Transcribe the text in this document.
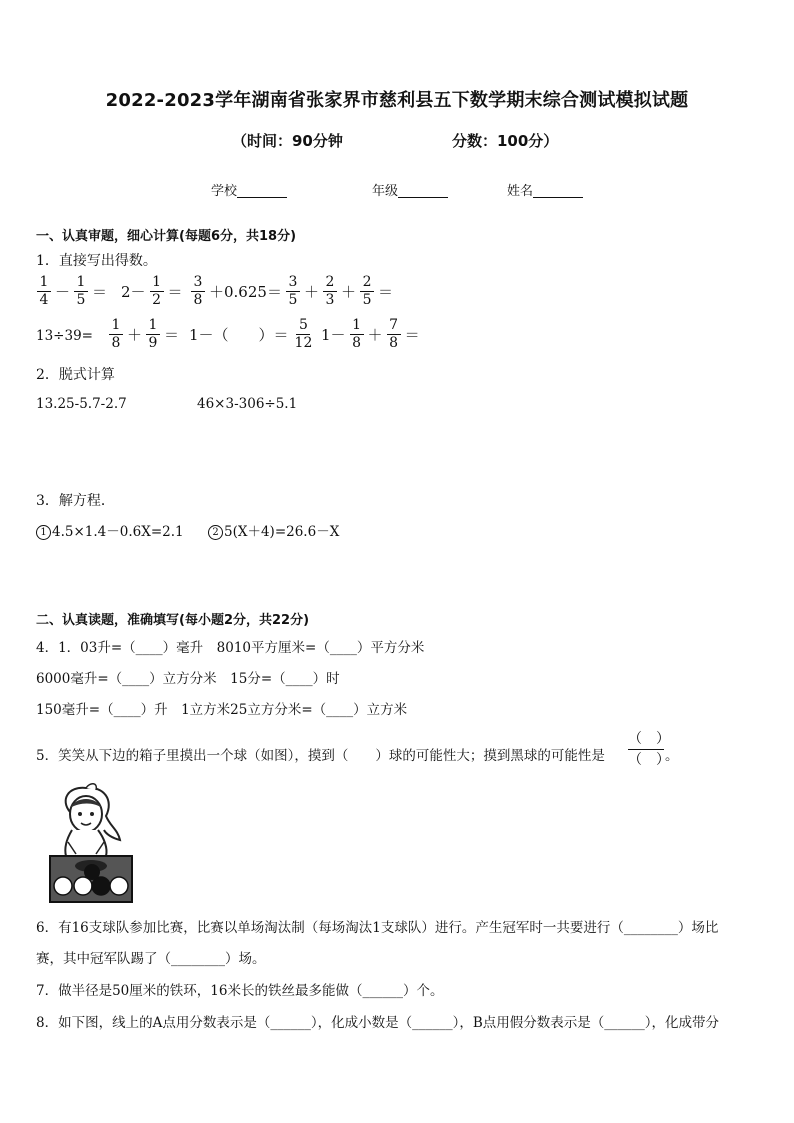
2022-2023学年湖南省张家界市慈利县五下数学期末综合测试模拟试题
（时间：90分钟	分数：100分）
学校	年级	姓名
一、认真审题，细心计算(每题6分，共18分)
1．直接写出得数。
$\frac{1}{4} - \frac{1}{5} = 2- \frac{1}{2} = \frac{3}{8} +0.625= \frac{3}{5} + \frac{2}{3} + \frac{2}{5}$ ＝
$13\div 39= \frac{1}{8} + \frac{1}{9} = 1-$（　　）＝ $\frac{5}{12} 1- \frac{1}{8} + \frac{7}{8}$ ＝
2．脱式计算
13.25-5.7-2.7	46×3-306÷5.1
3．解方程．
1 4.5×1.4－0.6X=2.1	2 5(X＋4)=26.6－X
二、认真读题，准确填写(每小题2分，共22分)
4．1．03升=（____）毫升　8010平方厘米=（____）平方分米
6000毫升=（____）立方分米　15分=（____）时
150毫升=（____）升　1立方米25立方分米=（____）立方米
5．笑笑从下边的箱子里摸出一个球（如图），摸到（　　）球的可能性大；摸到黑球的可能性是
（　）
（　）
。
6．有16支球队参加比赛，比赛以单场淘汰制（每场淘汰1支球队）进行。产生冠军时一共要进行（________）场比
赛，其中冠军队踢了（________）场。
7．做半径是50厘米的铁环，16米长的铁丝最多能做（______）个。
8．如下图，线上的A点用分数表示是（______），化成小数是（______），B点用假分数表示是（______），化成带分
